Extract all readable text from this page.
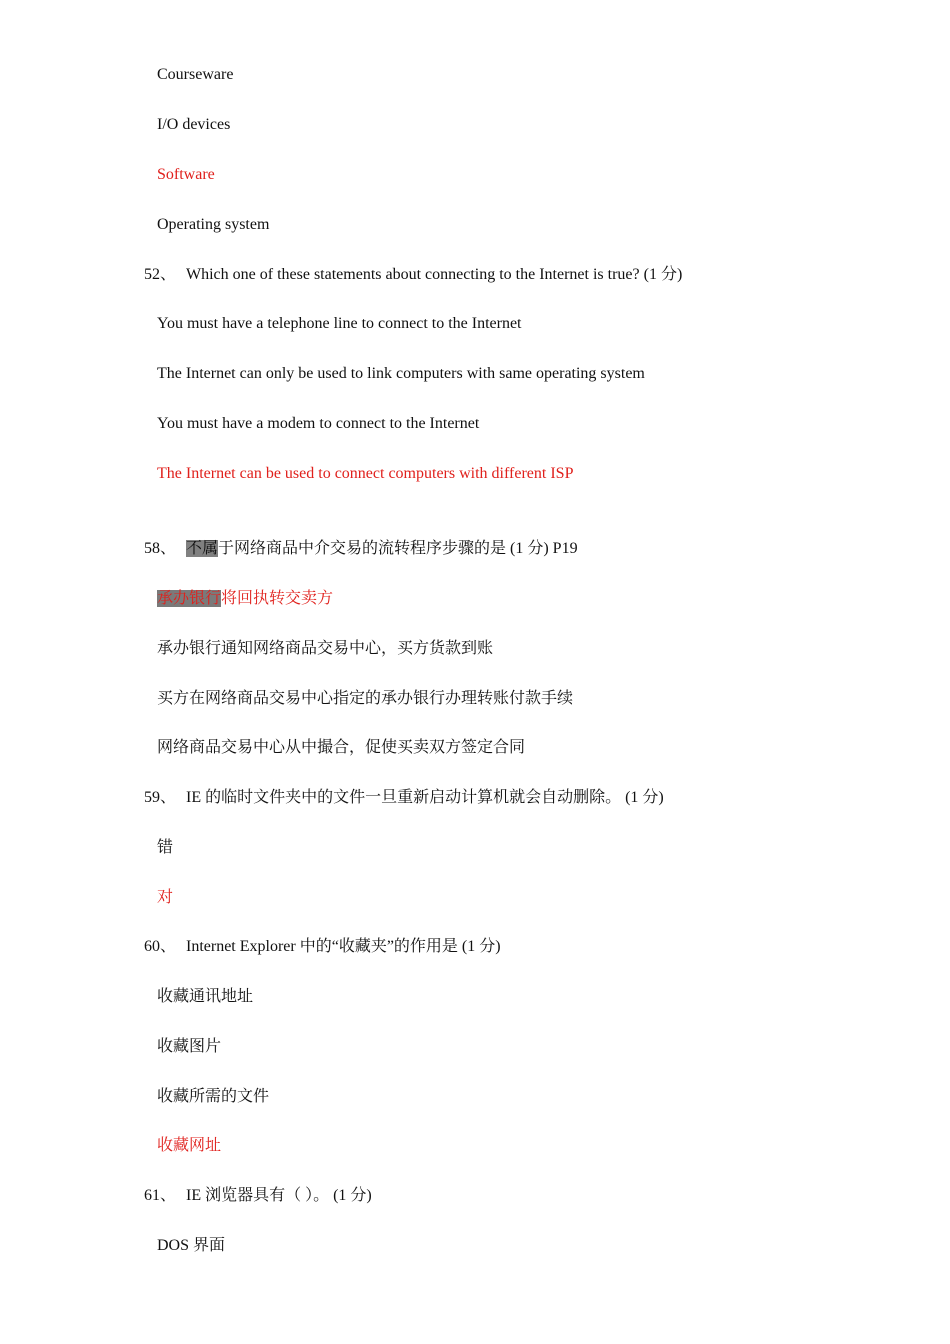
Courseware
I/O devices
Software
Operating system
52、 Which one of these statements about connecting to the Internet is true? (1 分)
You must have a telephone line to connect to the Internet
The Internet can only be used to link computers with same operating system
You must have a modem to connect to the Internet
The Internet can be used to connect computers with different ISP
58、 不属于网络商品中介交易的流转程序步骤的是 (1 分) P19
承办银行将回执转交卖方
承办银行通知网络商品交易中心，买方货款到账
买方在网络商品交易中心指定的承办银行办理转账付款手续
网络商品交易中心从中撮合，促使买卖双方签定合同
59、 IE 的临时文件夹中的文件一旦重新启动计算机就会自动删除。 (1 分)
错
对
60、 Internet Explorer 中的“收藏夹”的作用是 (1 分)
收藏通讯地址
收藏图片
收藏所需的文件
收藏网址
61、 IE 浏览器具有（ ）。 (1 分)
DOS 界面
